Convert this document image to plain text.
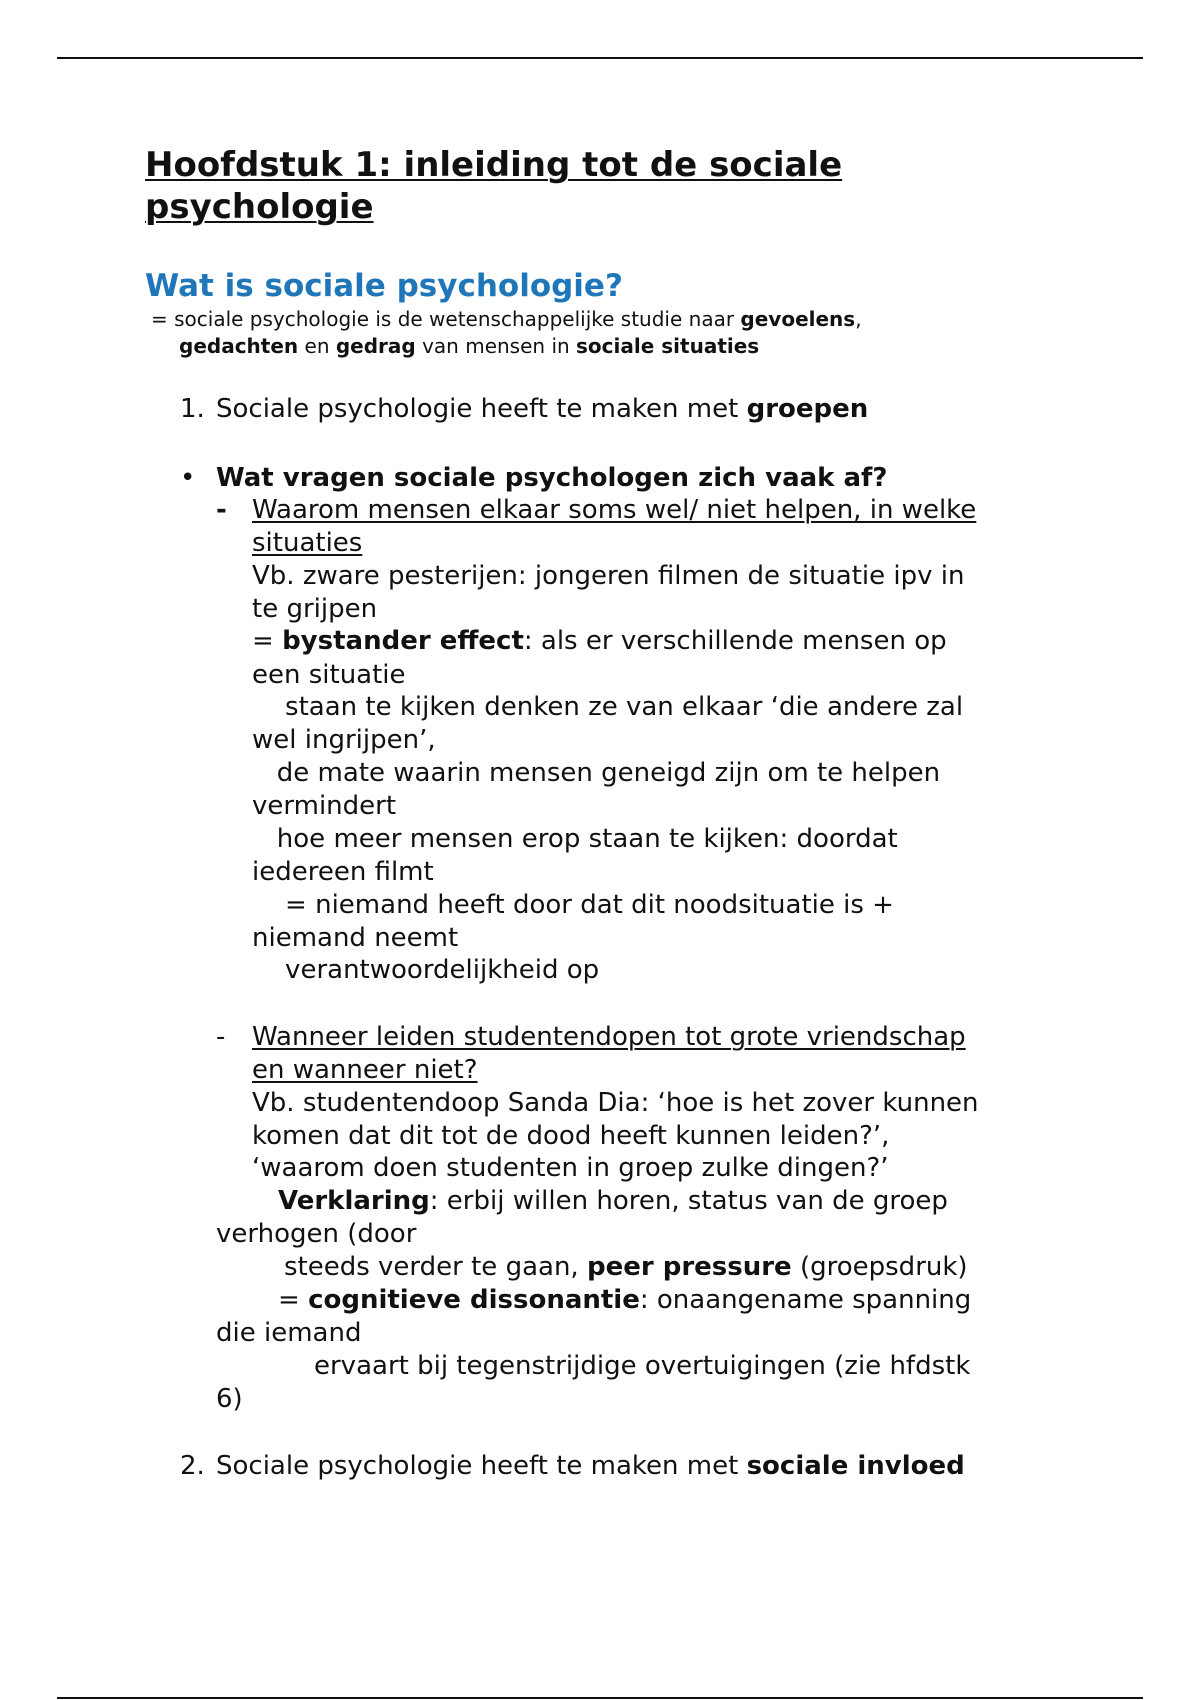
Hoofdstuk 1: inleiding tot de sociale
psychologie
Wat is sociale psychologie?
= sociale psychologie is de wetenschappelijke studie naar gevoelens,
gedachten en gedrag van mensen in sociale situaties
1. Sociale psychologie heeft te maken met groepen
• Wat vragen sociale psychologen zich vaak af?
- Waarom mensen elkaar soms wel/ niet helpen, in welke
situaties
Vb. zware pesterijen: jongeren filmen de situatie ipv in
te grijpen
= bystander effect: als er verschillende mensen op
een situatie
staan te kijken denken ze van elkaar ‘die andere zal
wel ingrijpen’,
de mate waarin mensen geneigd zijn om te helpen
vermindert
hoe meer mensen erop staan te kijken: doordat
iedereen filmt
= niemand heeft door dat dit noodsituatie is +
niemand neemt
verantwoordelijkheid op
- Wanneer leiden studentendopen tot grote vriendschap
en wanneer niet?
Vb. studentendoop Sanda Dia: ‘hoe is het zover kunnen
komen dat dit tot de dood heeft kunnen leiden?’,
‘waarom doen studenten in groep zulke dingen?’
Verklaring: erbij willen horen, status van de groep
verhogen (door
steeds verder te gaan, peer pressure (groepsdruk)
= cognitieve dissonantie: onaangename spanning
die iemand
ervaart bij tegenstrijdige overtuigingen (zie hfdstk
6)
2. Sociale psychologie heeft te maken met sociale invloed
